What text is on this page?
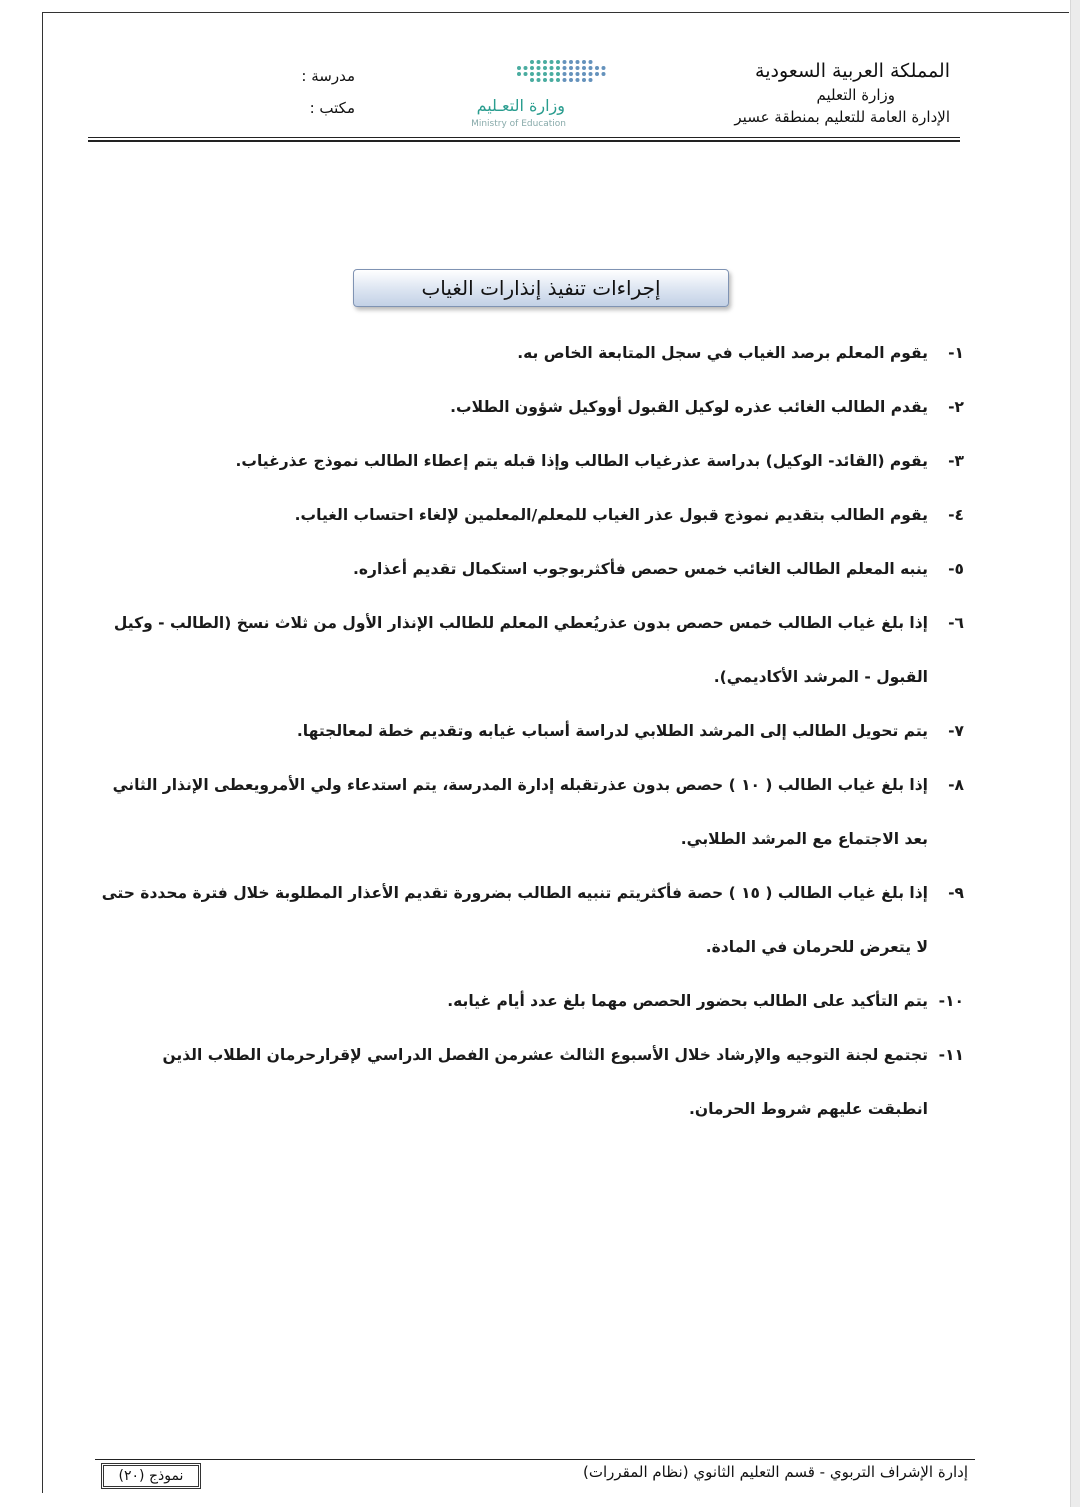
المملكة العربية السعودية
وزارة التعليم
الإدارة العامة للتعليم بمنطقة عسير
وزارة التعـليم
Ministry of Education
مدرسة :
مكتب :
إجراءات تنفيذ إنذارات الغياب
١-
يقوم المعلم برصد الغياب في سجل المتابعة الخاص به.
٢-
يقدم الطالب الغائب عذره لوكيل القبول أووكيل شؤون الطلاب.
٣-
يقوم (القائد- الوكيل) بدراسة عذرغياب الطالب وإذا قبله يتم إعطاء الطالب نموذج عذرغياب.
٤-
يقوم الطالب بتقديم نموذج قبول عذر الغياب للمعلم/المعلمين لإلغاء احتساب الغياب.
٥-
ينبه المعلم الطالب الغائب خمس حصص فأكثربوجوب استكمال تقديم أعذاره.
٦-
إذا بلغ غياب الطالب خمس حصص بدون عذريُعطي المعلم للطالب الإنذار الأول من ثلاث نسخ (الطالب - وكيل القبول - المرشد الأكاديمي).
٧-
يتم تحويل الطالب إلى المرشد الطلابي لدراسة أسباب غيابه وتقديم خطة لمعالجتها.
٨-
إذا بلغ غياب الطالب ( ١٠ ) حصص بدون عذرتقبله إدارة المدرسة، يتم استدعاء ولي الأمرويعطى الإنذار الثاني بعد الاجتماع مع المرشد الطلابي.
٩-
إذا بلغ غياب الطالب ( ١٥ ) حصة فأكثريتم تنبيه الطالب بضرورة تقديم الأعذار المطلوبة خلال فترة محددة حتى لا يتعرض للحرمان في المادة.
١٠-
يتم التأكيد على الطالب بحضور الحصص مهما بلغ عدد أيام غيابه.
١١-
تجتمع لجنة التوجيه والإرشاد خلال الأسبوع الثالث عشرمن الفصل الدراسي لإقرارحرمان الطلاب الذين انطبقت عليهم شروط الحرمان.
إدارة الإشراف التربوي - قسم التعليم الثانوي (نظام المقررات)
نموذج (٢٠)
